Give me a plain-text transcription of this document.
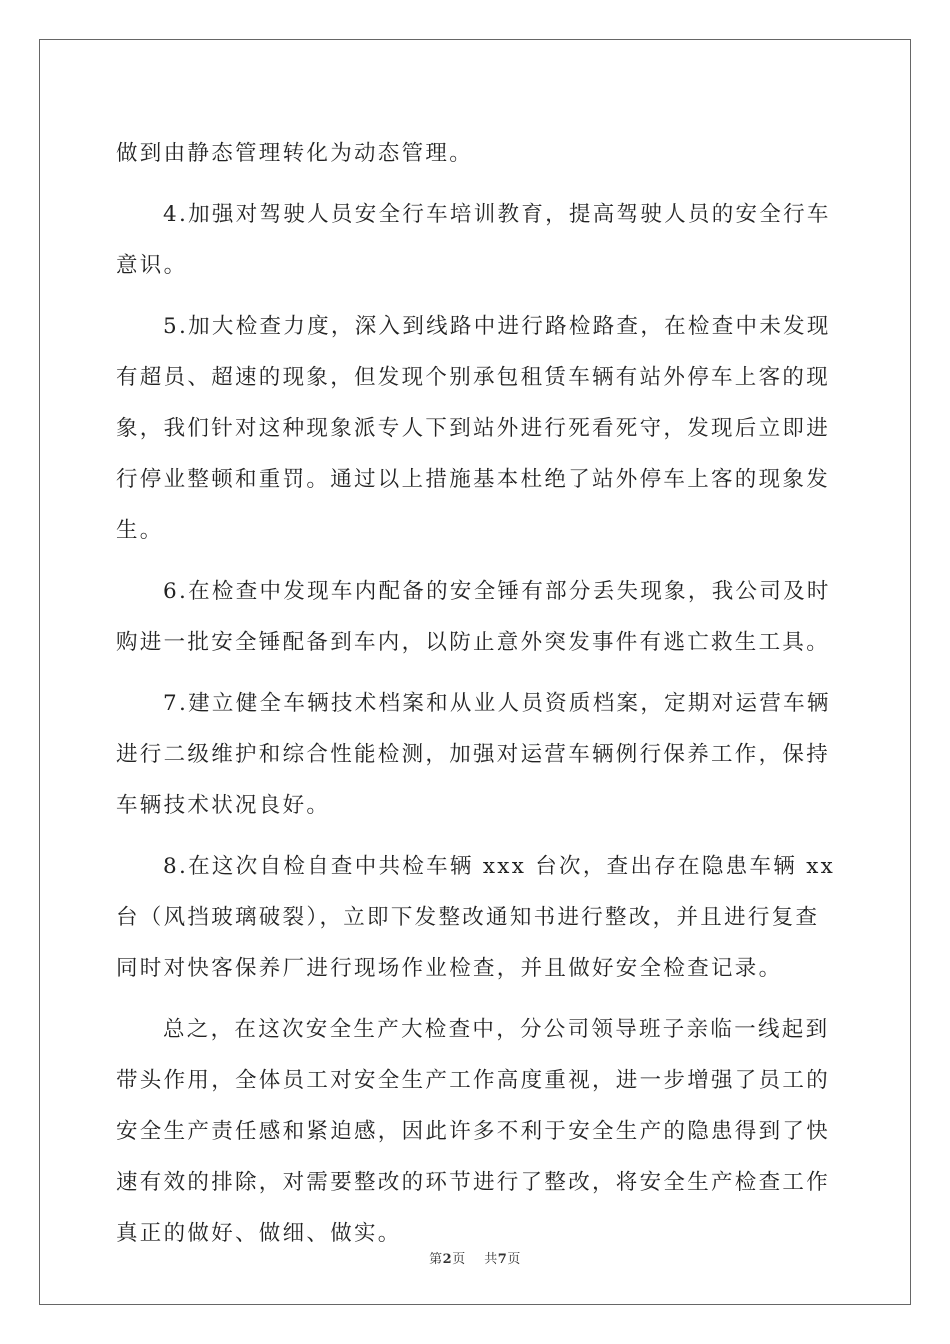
做到由静态管理转化为动态管理。
4.加强对驾驶人员安全行车培训教育，提高驾驶人员的安全行车
意识。
5.加大检查力度，深入到线路中进行路检路查，在检查中未发现
有超员、超速的现象，但发现个别承包租赁车辆有站外停车上客的现
象，我们针对这种现象派专人下到站外进行死看死守，发现后立即进
行停业整顿和重罚。通过以上措施基本杜绝了站外停车上客的现象发
生。
6.在检查中发现车内配备的安全锤有部分丢失现象，我公司及时
购进一批安全锤配备到车内，以防止意外突发事件有逃亡救生工具。
7.建立健全车辆技术档案和从业人员资质档案，定期对运营车辆
进行二级维护和综合性能检测，加强对运营车辆例行保养工作，保持
车辆技术状况良好。
8.在这次自检自查中共检车辆 xxx 台次，查出存在隐患车辆 xx
台（风挡玻璃破裂），立即下发整改通知书进行整改，并且进行复查
同时对快客保养厂进行现场作业检查，并且做好安全检查记录。
总之，在这次安全生产大检查中，分公司领导班子亲临一线起到
带头作用，全体员工对安全生产工作高度重视，进一步增强了员工的
安全生产责任感和紧迫感，因此许多不利于安全生产的隐患得到了快
速有效的排除，对需要整改的环节进行了整改，将安全生产检查工作
真正的做好、做细、做实。
第2页 共7页
